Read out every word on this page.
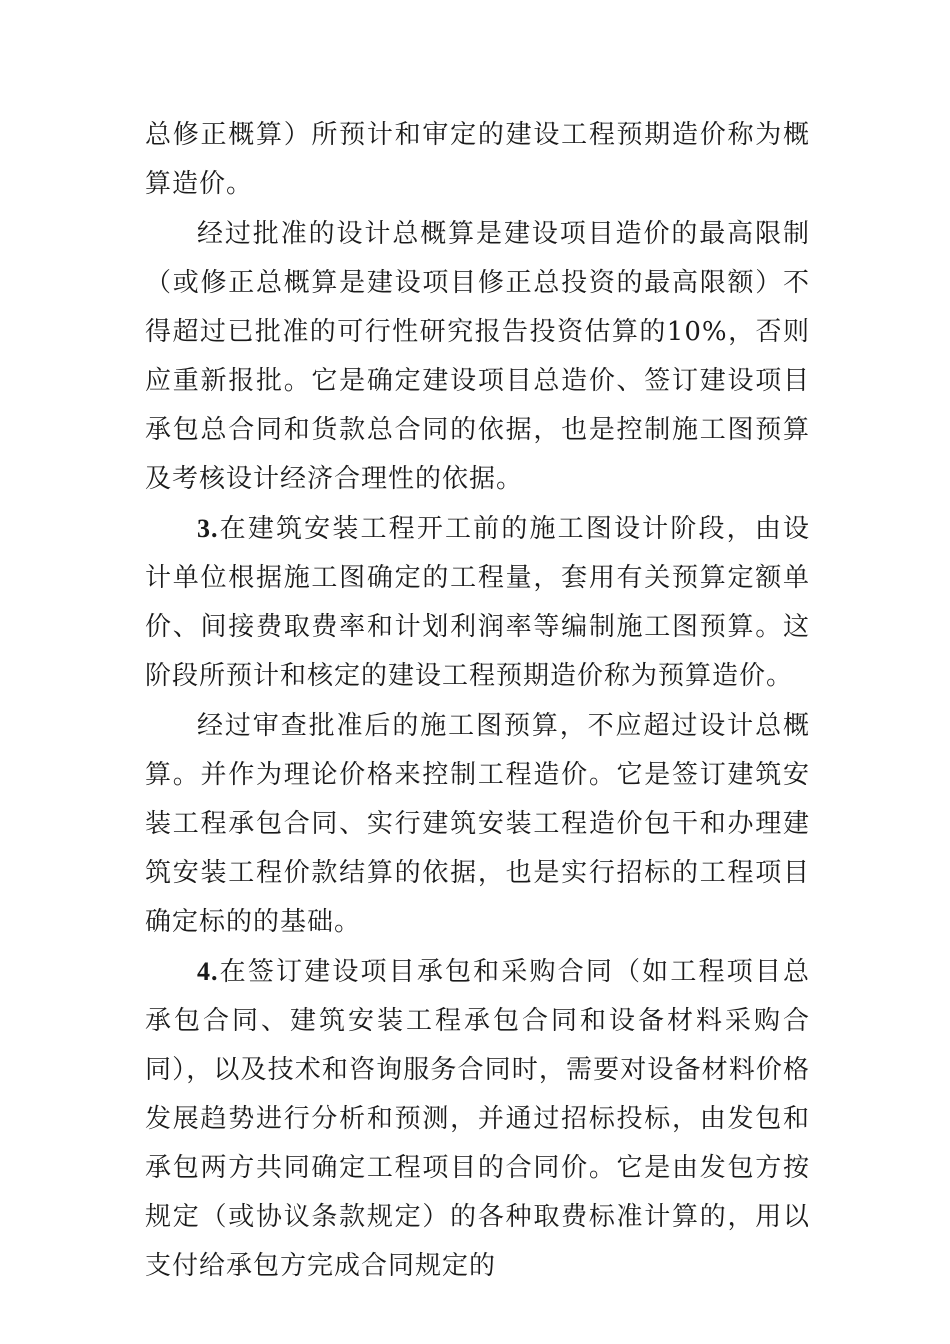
总修正概算）所预计和审定的建设工程预期造价称为概算造价。

经过批准的设计总概算是建设项目造价的最高限制（或修正总概算是建设项目修正总投资的最高限额）不得超过已批准的可行性研究报告投资估算的10%，否则应重新报批。它是确定建设项目总造价、签订建设项目承包总合同和货款总合同的依据，也是控制施工图预算及考核设计经济合理性的依据。

3.在建筑安装工程开工前的施工图设计阶段，由设计单位根据施工图确定的工程量，套用有关预算定额单价、间接费取费率和计划利润率等编制施工图预算。这阶段所预计和核定的建设工程预期造价称为预算造价。

经过审查批准后的施工图预算，不应超过设计总概算。并作为理论价格来控制工程造价。它是签订建筑安装工程承包合同、实行建筑安装工程造价包干和办理建筑安装工程价款结算的依据，也是实行招标的工程项目确定标的的基础。

4.在签订建设项目承包和采购合同（如工程项目总承包合同、建筑安装工程承包合同和设备材料采购合同），以及技术和咨询服务合同时，需要对设备材料价格发展趋势进行分析和预测，并通过招标投标，由发包和承包两方共同确定工程项目的合同价。它是由发包方按规定（或协议条款规定）的各种取费标准计算的，用以支付给承包方完成合同规定的
